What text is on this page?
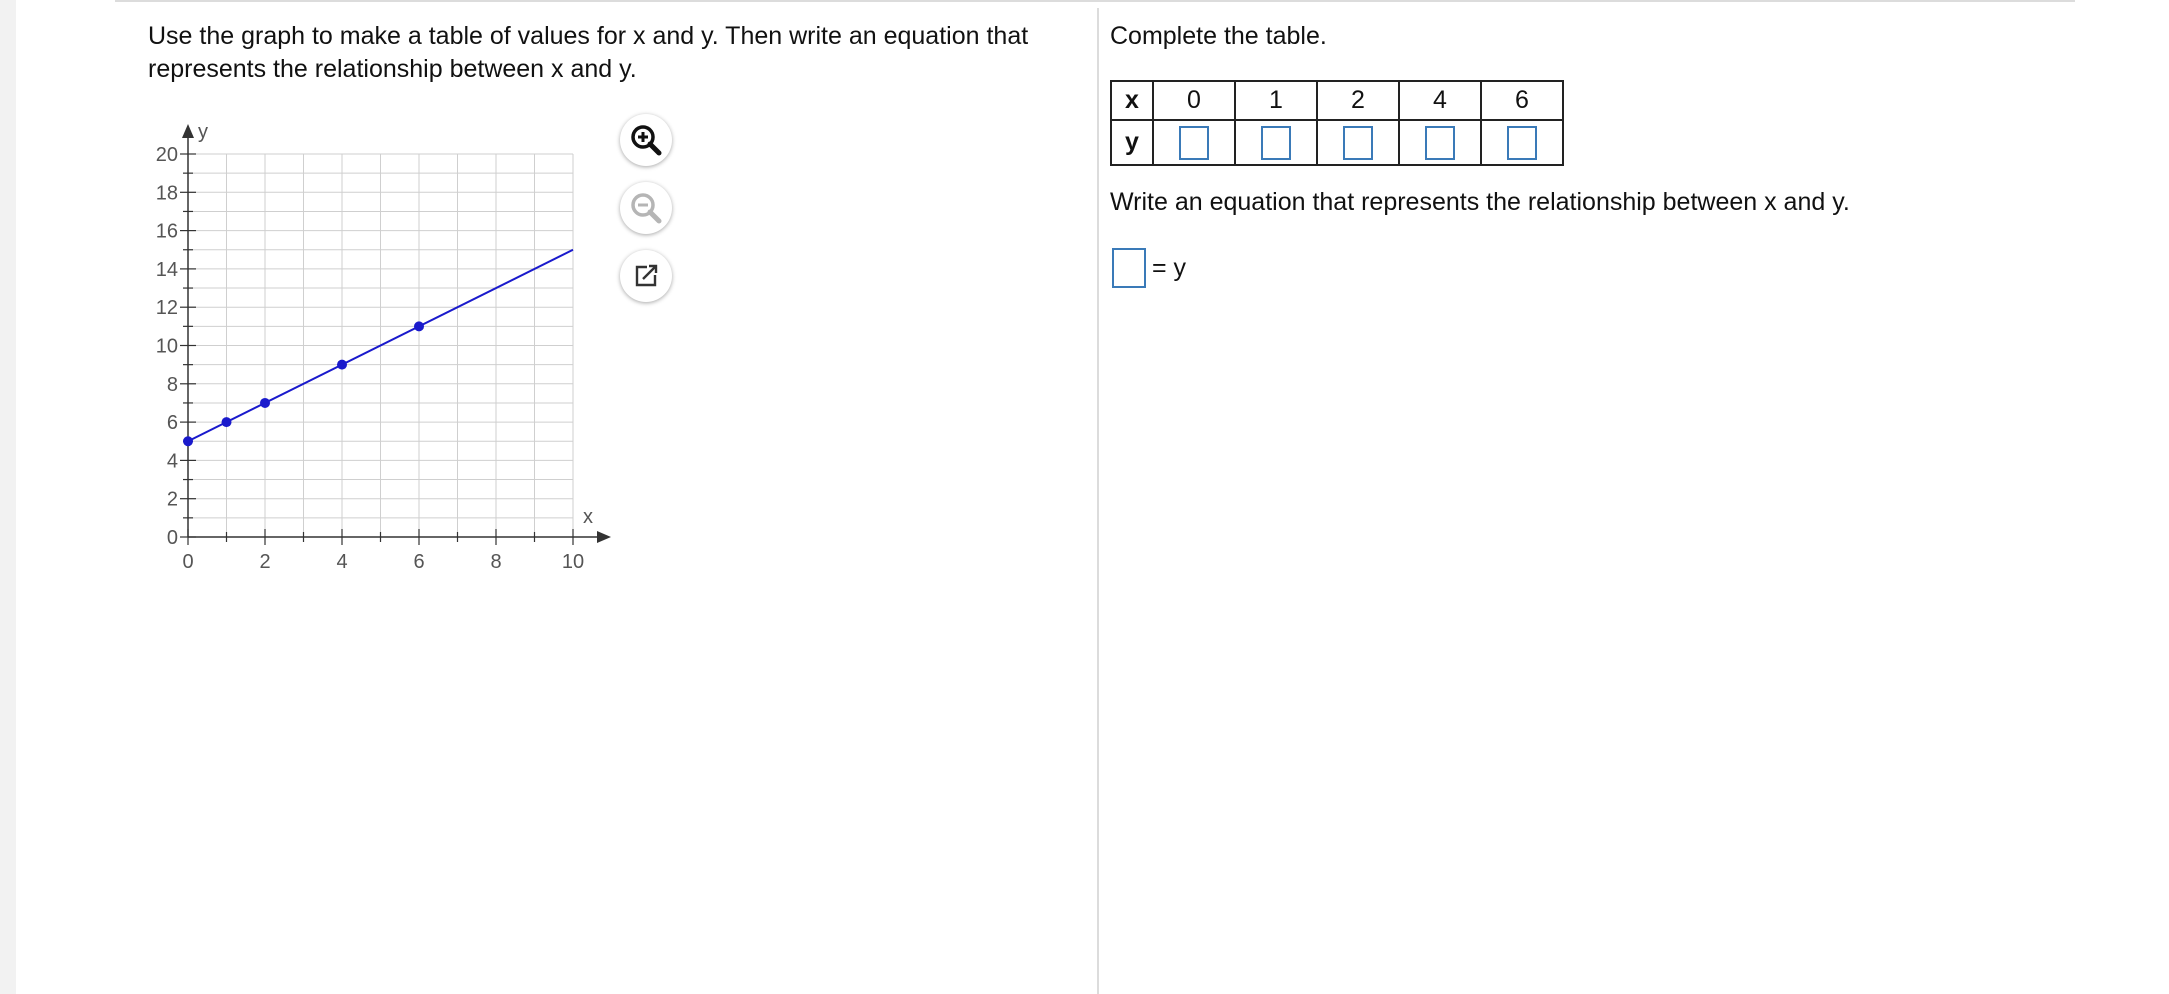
Use the graph to make a table of values for x and y. Then write an equation that represents the relationship between x and y.
0	2	4	6	8	10
0
2
4
6
8
10
12
14
16
18
20
x
y
Complete the table.
x	0	1	2	4	6
y					
Write an equation that represents the relationship between x and y.
= y
